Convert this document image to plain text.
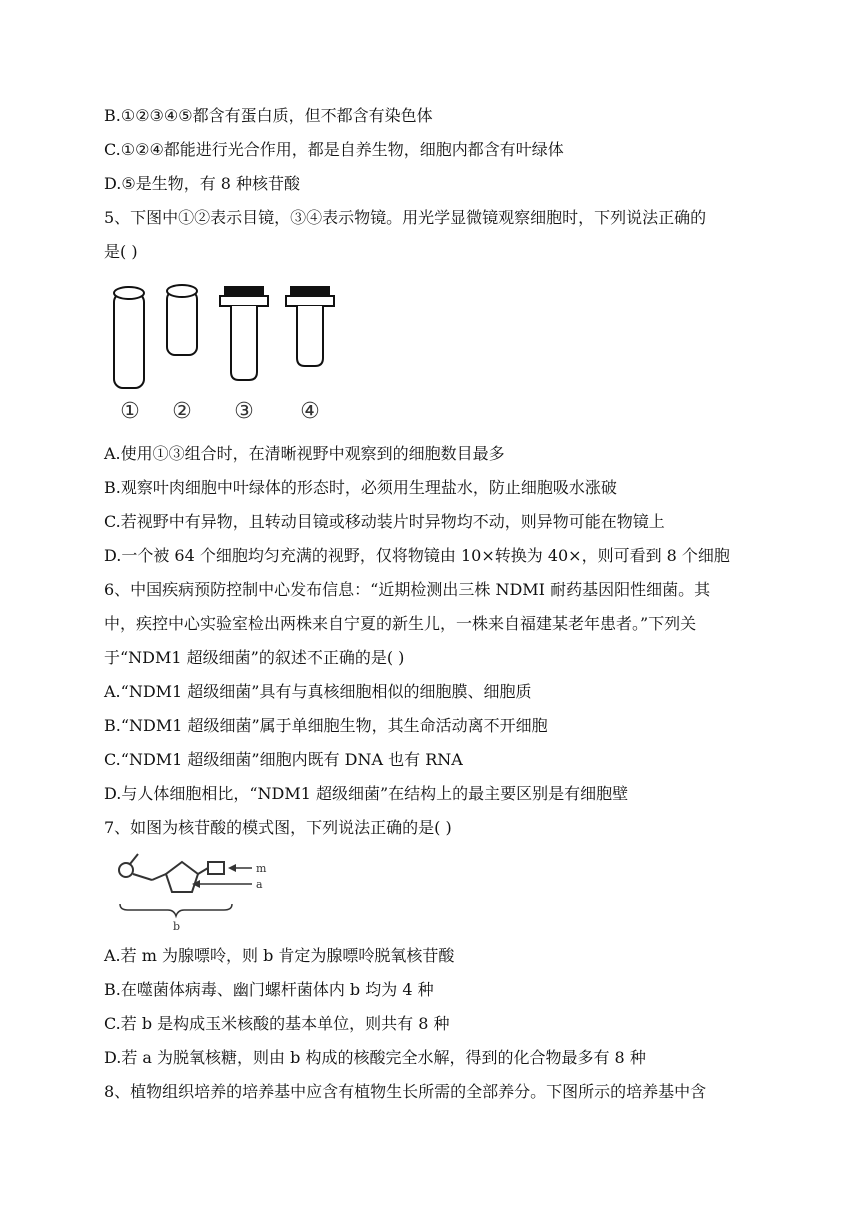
B.①②③④⑤都含有蛋白质，但不都含有染色体
C.①②④都能进行光合作用，都是自养生物，细胞内都含有叶绿体
D.⑤是生物，有 8 种核苷酸
5、下图中①②表示目镜，③④表示物镜。用光学显微镜观察细胞时，下列说法正确的
是( )
① ② ③ ④
A.使用①③组合时，在清晰视野中观察到的细胞数目最多
B.观察叶肉细胞中叶绿体的形态时，必须用生理盐水，防止细胞吸水涨破
C.若视野中有异物，且转动目镜或移动装片时异物均不动，则异物可能在物镜上
D.一个被 64 个细胞均匀充满的视野，仅将物镜由 10×转换为 40×，则可看到 8 个细胞
6、中国疾病预防控制中心发布信息：“近期检测出三株 NDMI 耐药基因阳性细菌。其
中，疾控中心实验室检出两株来自宁夏的新生儿，一株来自福建某老年患者。”下列关
于“NDM1 超级细菌”的叙述不正确的是( )
A.“NDM1 超级细菌”具有与真核细胞相似的细胞膜、细胞质
B.“NDM1 超级细菌”属于单细胞生物，其生命活动离不开细胞
C.“NDM1 超级细菌”细胞内既有 DNA 也有 RNA
D.与人体细胞相比，“NDM1 超级细菌”在结构上的最主要区别是有细胞壁
7、如图为核苷酸的模式图，下列说法正确的是( )
m
a
b
A.若 m 为腺嘌呤，则 b 肯定为腺嘌呤脱氧核苷酸
B.在噬菌体病毒、幽门螺杆菌体内 b 均为 4 种
C.若 b 是构成玉米核酸的基本单位，则共有 8 种
D.若 a 为脱氧核糖，则由 b 构成的核酸完全水解，得到的化合物最多有 8 种
8、植物组织培养的培养基中应含有植物生长所需的全部养分。下图所示的培养基中含
